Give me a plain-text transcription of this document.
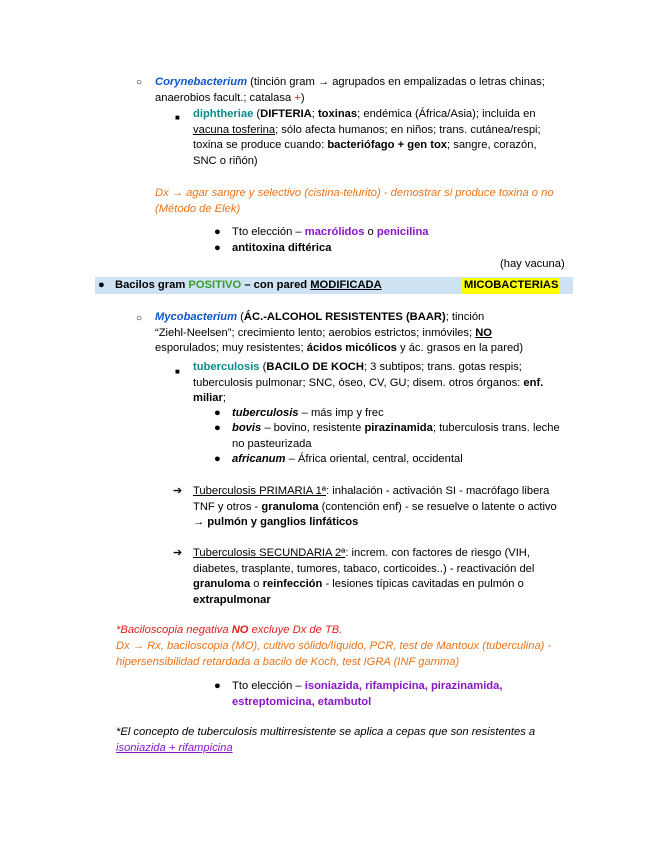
○ Corynebacterium (tinción gram → agrupados en empalizadas o letras chinas;
anaerobios facult.; catalasa +)
■ diphtheriae (DIFTERIA; toxinas; endémica (África/Asia); incluida en
vacuna tosferina; sólo afecta humanos; en niños; trans. cutánea/respi;
toxina se produce cuando: bacteriófago + gen tox; sangre, corazón,
SNC o riñón)
Dx → agar sangre y selectivo (cistina-telurito) - demostrar si produce toxina o no
(Método de Elek)
● Tto elección – macrólidos o penicilina
● antitoxina diftérica
(hay vacuna)
● Bacilos gram POSITIVO – con pared MODIFICADA	MICOBACTERIAS
○ Mycobacterium (ÁC.-ALCOHOL RESISTENTES (BAAR); tinción
“Ziehl-Neelsen”; crecimiento lento; aerobios estrictos; inmóviles; NO
esporulados; muy resistentes; ácidos micólicos y ác. grasos en la pared)
■ tuberculosis (BACILO DE KOCH; 3 subtipos; trans. gotas respis;
tuberculosis pulmonar; SNC, óseo, CV, GU; disem. otros órganos: enf.
miliar;
● tuberculosis – más imp y frec
● bovis – bovino, resistente pirazinamida; tuberculosis trans. leche
no pasteurizada
● africanum – África oriental, central, occidental
➔ Tuberculosis PRIMARIA 1ª: inhalación - activación SI - macrófago libera
TNF y otros - granuloma (contención enf) - se resuelve o latente o activo
→ pulmón y ganglios linfáticos
➔ Tuberculosis SECUNDARIA 2ª: increm. con factores de riesgo (VIH,
diabetes, trasplante, tumores, tabaco, corticoides..) - reactivación del
granuloma o reinfección - lesiones típicas cavitadas en pulmón o
extrapulmonar
*Baciloscopia negativa NO excluye Dx de TB.
Dx → Rx, baciloscopia (MO), cultivo sólido/líquido, PCR, test de Mantoux (tuberculina) -
hipersensibilidad retardada a bacilo de Koch, test IGRA (INF gamma)
● Tto elección – isoniazida, rifampicina, pirazinamida,
estreptomicina, etambutol
*El concepto de tuberculosis multirresistente se aplica a cepas que son resistentes a
isoniazida + rifampicina
